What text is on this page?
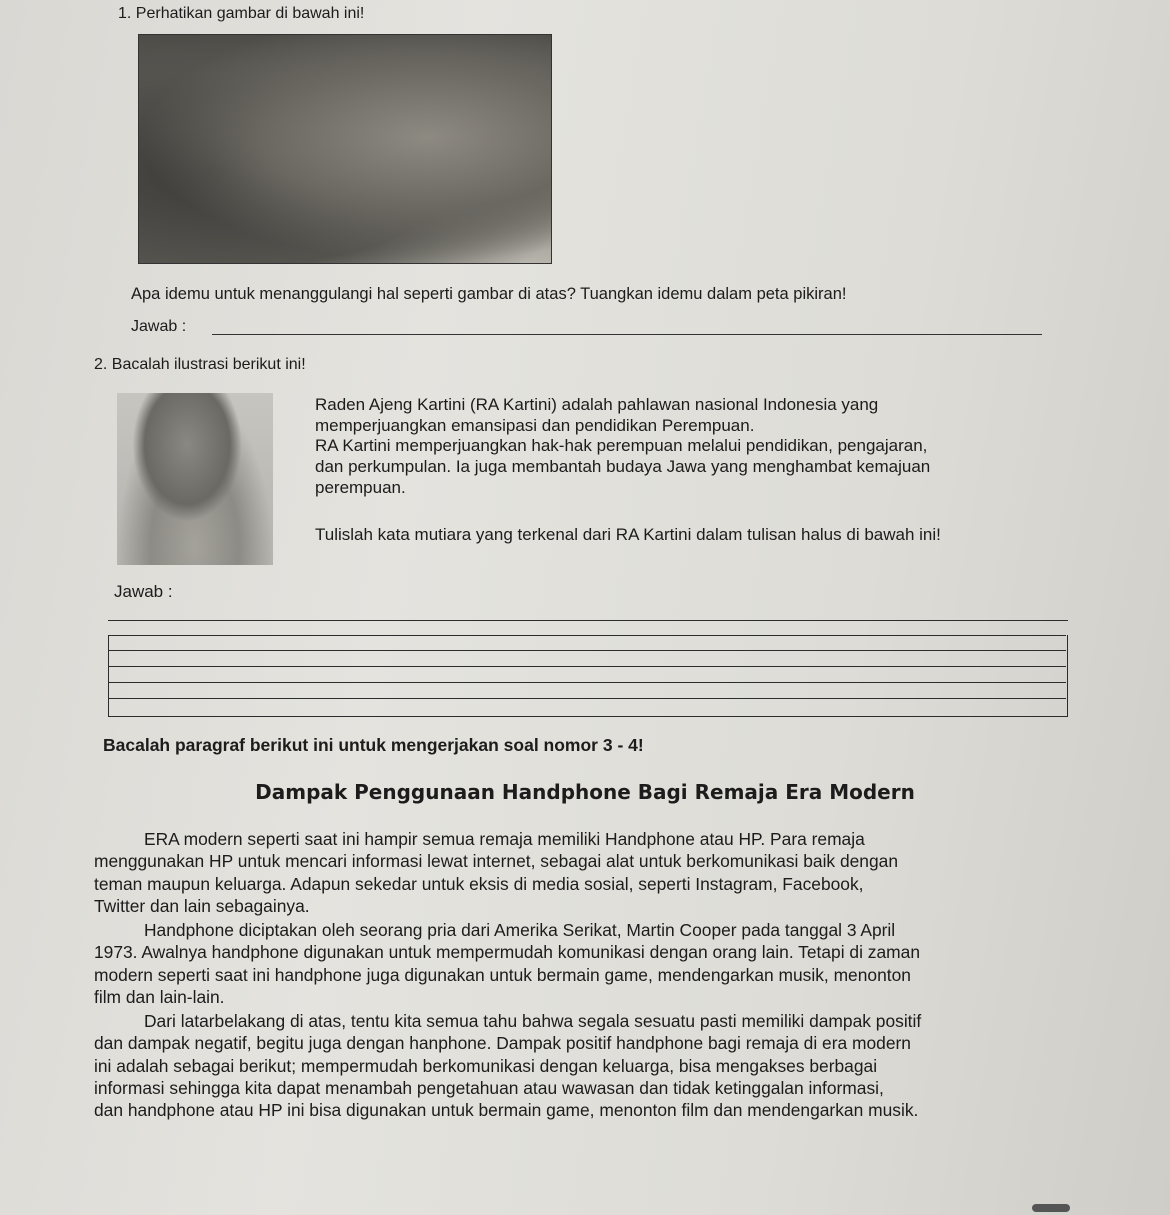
1. Perhatikan gambar di bawah ini!
Apa idemu untuk menanggulangi hal seperti gambar di atas? Tuangkan idemu dalam peta pikiran!
Jawab :
2. Bacalah ilustrasi berikut ini!
Raden Ajeng Kartini (RA Kartini) adalah pahlawan nasional Indonesia yang
memperjuangkan emansipasi dan pendidikan Perempuan.
RA Kartini memperjuangkan hak-hak perempuan melalui pendidikan, pengajaran,
dan perkumpulan. Ia juga membantah budaya Jawa yang menghambat kemajuan
perempuan.
Tulislah kata mutiara yang terkenal dari RA Kartini dalam tulisan halus di bawah ini!
Jawab :
Bacalah paragraf berikut ini untuk mengerjakan soal nomor 3 - 4!
Dampak Penggunaan Handphone Bagi Remaja Era Modern
ERA modern seperti saat ini hampir semua remaja memiliki Handphone atau HP. Para remaja
menggunakan HP untuk mencari informasi lewat internet, sebagai alat untuk berkomunikasi baik dengan
teman maupun keluarga. Adapun sekedar untuk eksis di media sosial, seperti Instagram, Facebook,
Twitter dan lain sebagainya.
Handphone diciptakan oleh seorang pria dari Amerika Serikat, Martin Cooper pada tanggal 3 April
1973. Awalnya handphone digunakan untuk mempermudah komunikasi dengan orang lain. Tetapi di zaman
modern seperti saat ini handphone juga digunakan untuk bermain game, mendengarkan musik, menonton
film dan lain-lain.
Dari latarbelakang di atas, tentu kita semua tahu bahwa segala sesuatu pasti memiliki dampak positif
dan dampak negatif, begitu juga dengan hanphone. Dampak positif handphone bagi remaja di era modern
ini adalah sebagai berikut; mempermudah berkomunikasi dengan keluarga, bisa mengakses berbagai
informasi sehingga kita dapat menambah pengetahuan atau wawasan dan tidak ketinggalan informasi,
dan handphone atau HP ini bisa digunakan untuk bermain game, menonton film dan mendengarkan musik.
